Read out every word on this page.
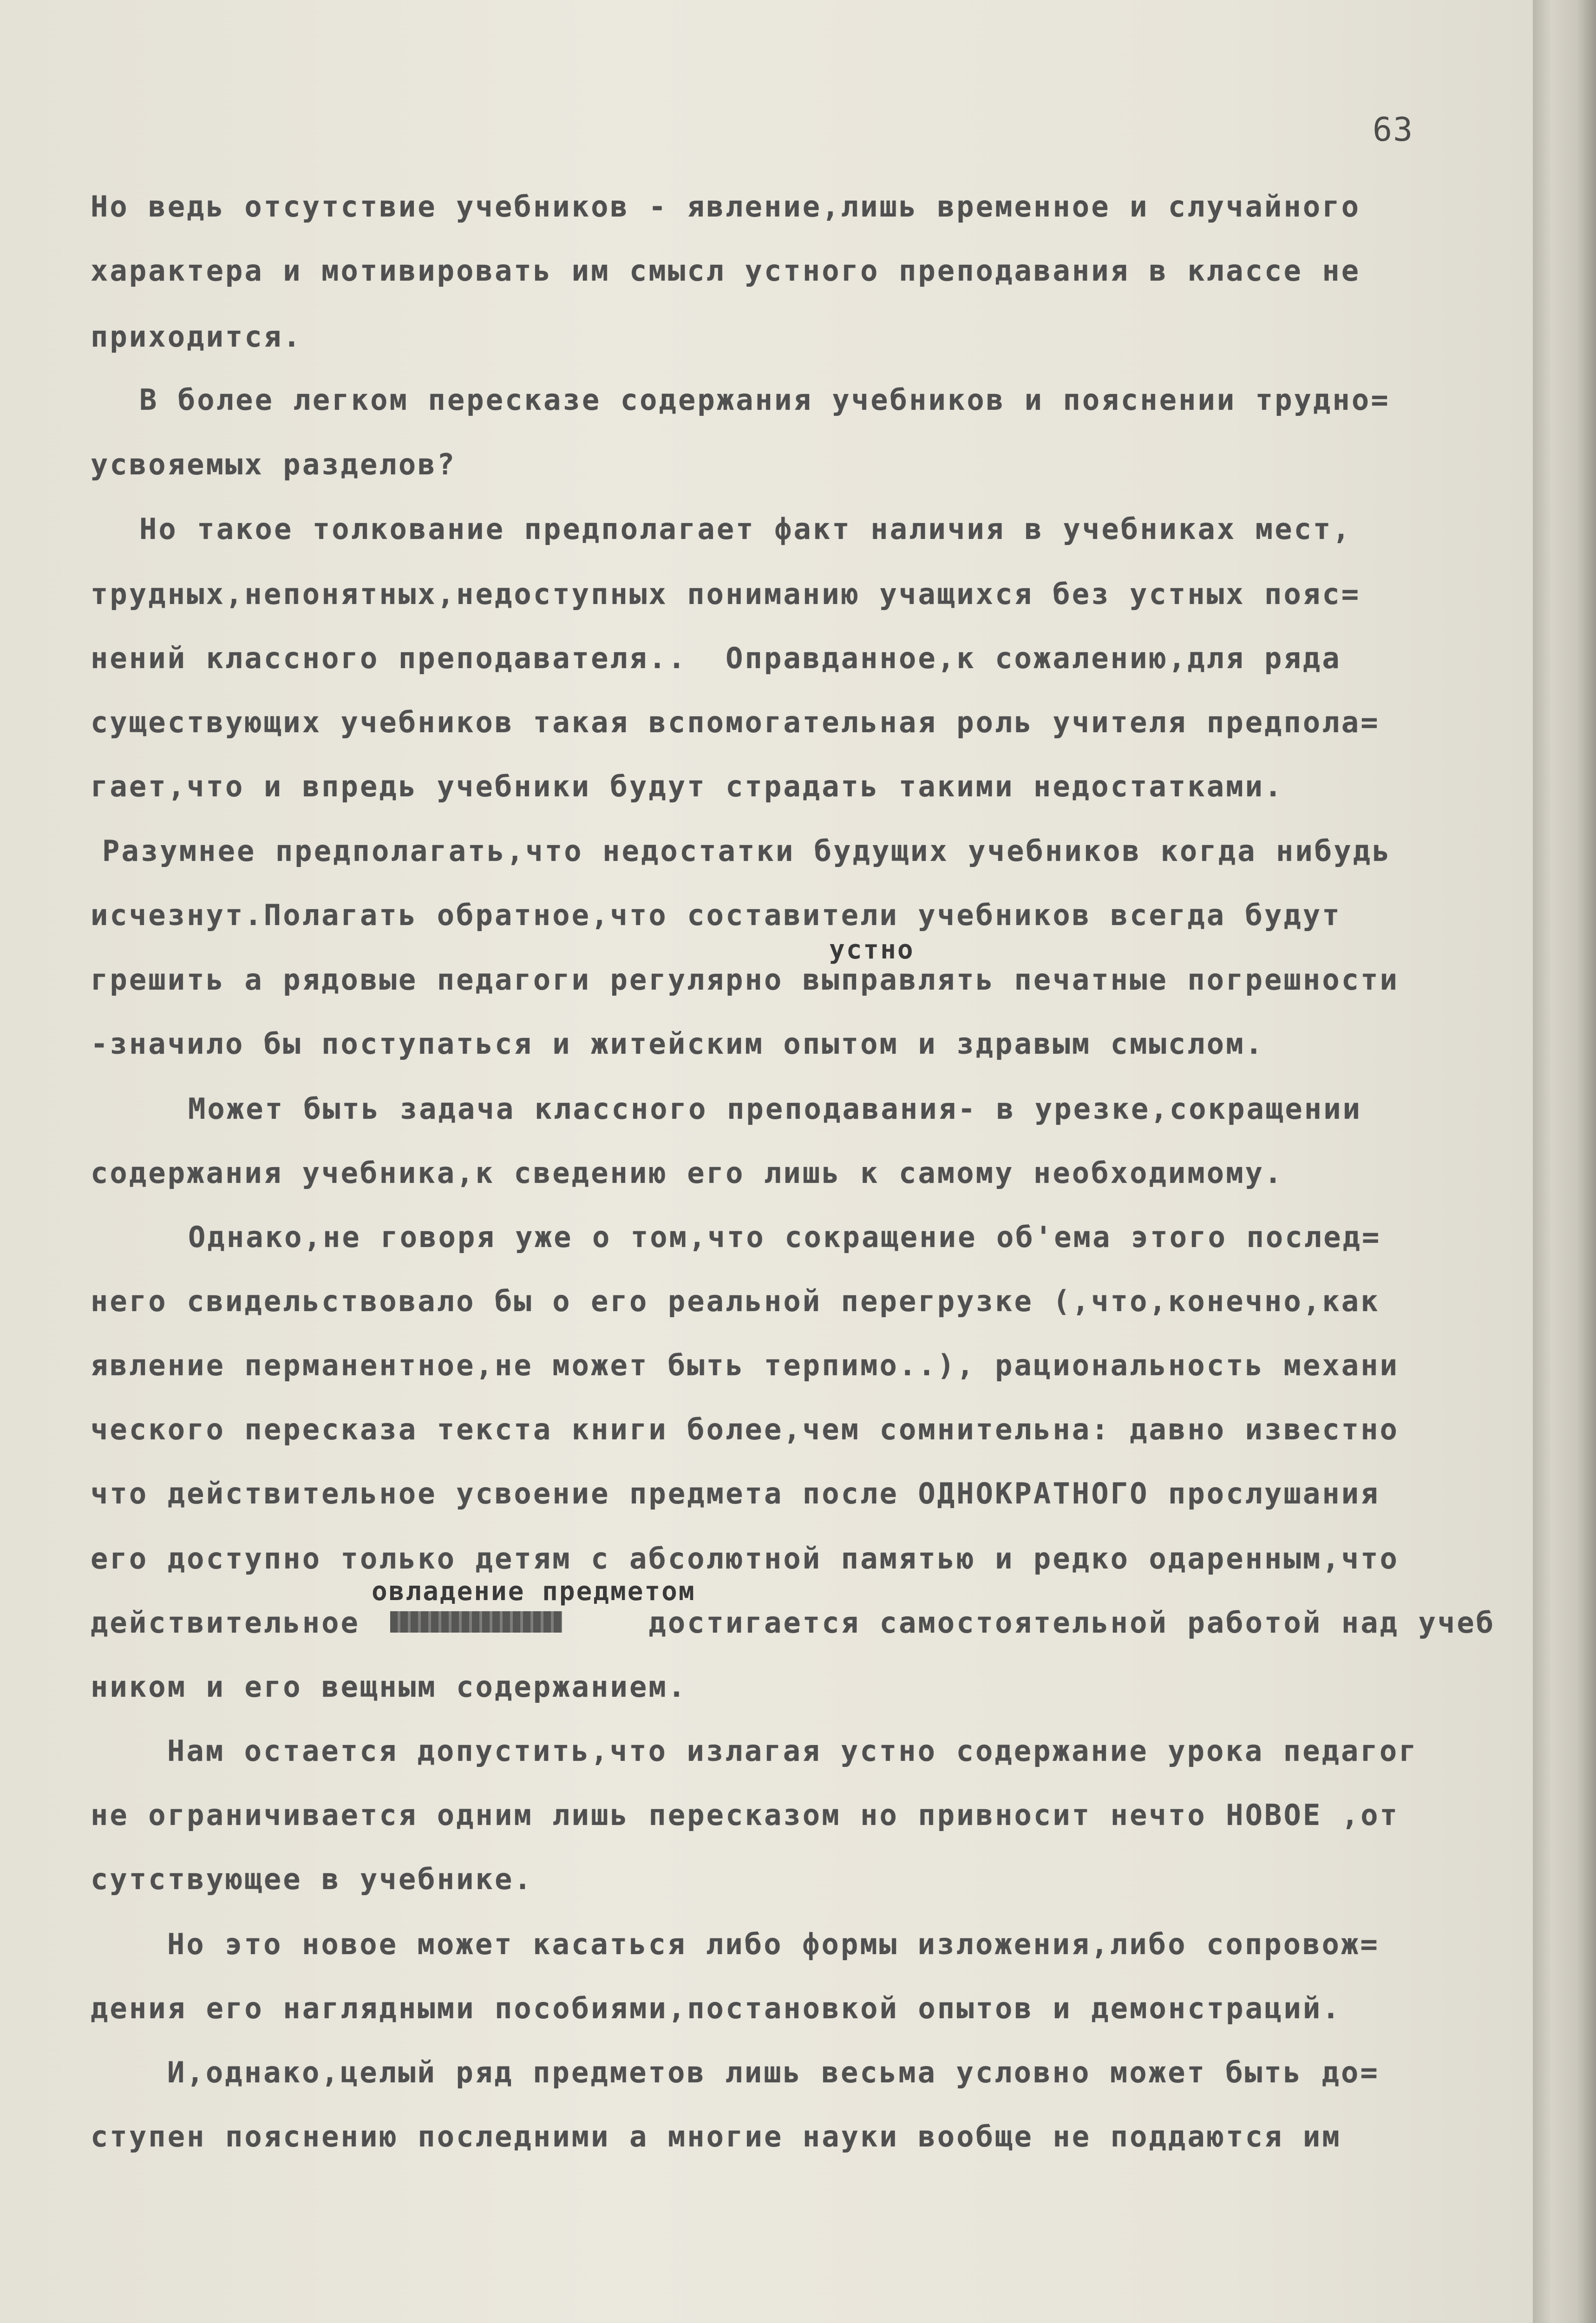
63
Но ведь отсутствие учебников - явление,лишь временное и случайного
характера и мотивировать им смысл устного преподавания в классе не
приходится.
В более легком пересказе содержания учебников и пояснении трудно=
усвояемых разделов?
Но такое толкование предполагает факт наличия в учебниках мест,
трудных,непонятных,недоступных пониманию учащихся без устных пояс=
нений классного преподавателя..  Оправданное,к сожалению,для ряда
существующих учебников такая вспомогательная роль учителя предпола=
гает,что и впредь учебники будут страдать такими недостатками.
Разумнее предполагать,что недостатки будущих учебников когда нибудь
исчезнут.Полагать обратное,что составители учебников всегда будут
устно
грешить а рядовые педагоги регулярно выправлять печатные погрешности
-значило бы поступаться и житейским опытом и здравым смыслом.
Может быть задача классного преподавания- в урезке,сокращении
содержания учебника,к сведению его лишь к самому необходимому.
Однако,не говоря уже о том,что сокращение об'ема этого послед=
него свидельствовало бы о его реальной перегрузке (,что,конечно,как
явление перманентное,не может быть терпимо..), рациональность механи
ческого пересказа текста книги более,чем сомнительна: давно известно
что действительное усвоение предмета после ОДНОКРАТНОГО прослушания
его доступно только детям с абсолютной памятью и редко одаренным,что
овладение предметом
действительное               достигается самостоятельной работой над учеб
ником и его вещным содержанием.
Нам остается допустить,что излагая устно содержание урока педагог
не ограничивается одним лишь пересказом но привносит нечто НОВОЕ ,от
сутствующее в учебнике.
Но это новое может касаться либо формы изложения,либо сопровож=
дения его наглядными пособиями,постановкой опытов и демонстраций.
И,однако,целый ряд предметов лишь весьма условно может быть до=
ступен пояснению последними а многие науки вообще не поддаются им
